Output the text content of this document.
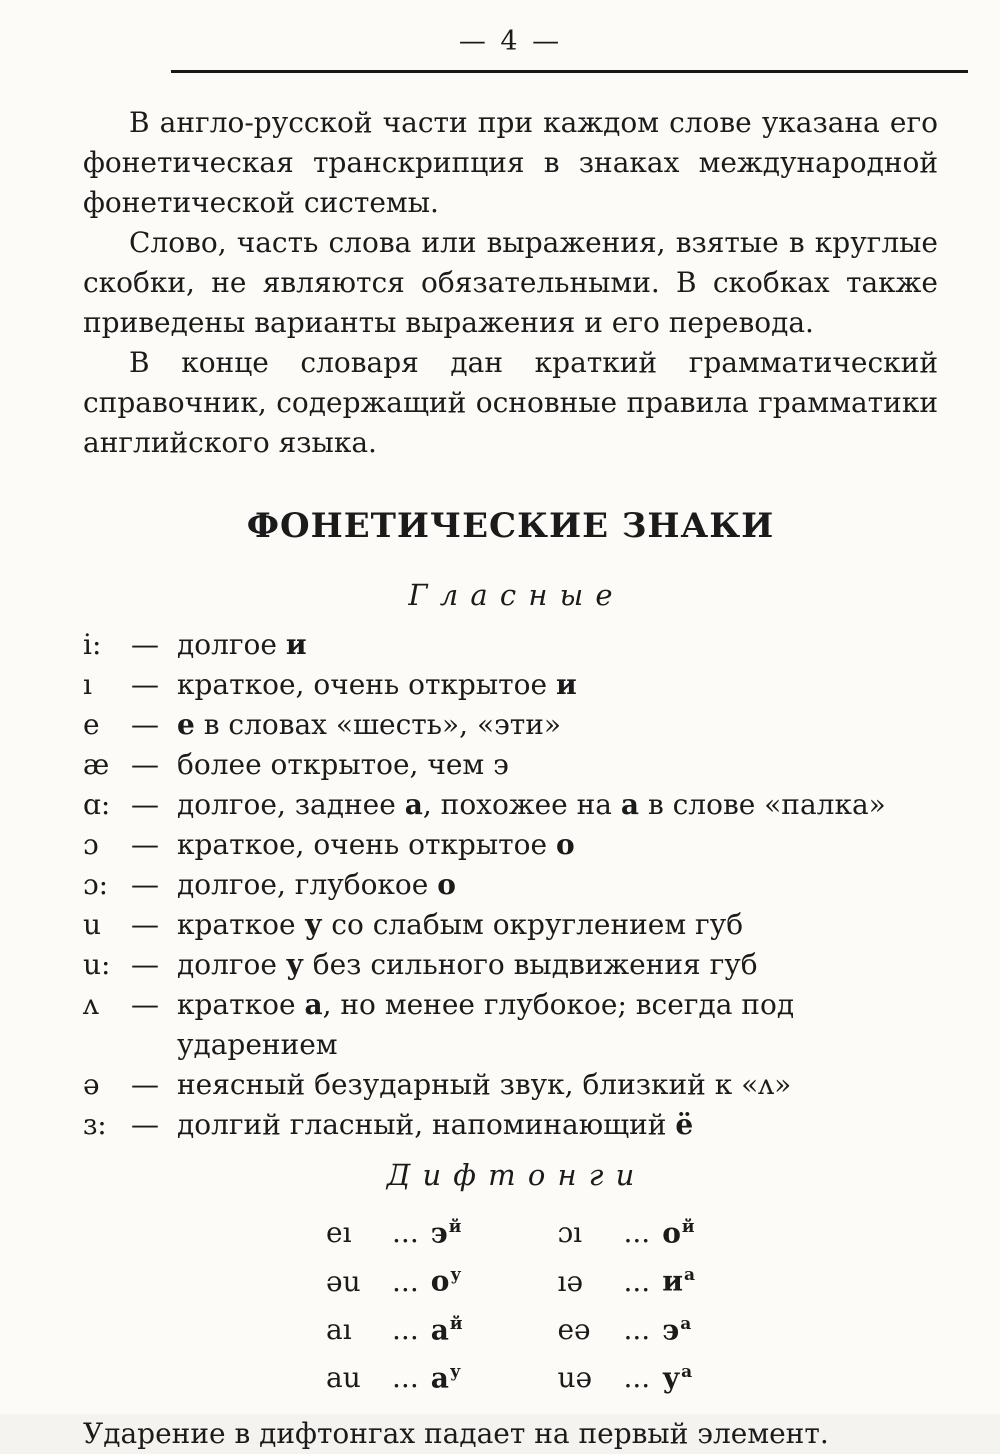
— 4 —

В англо-русской части при каждом слове указана его фонетическая транскрипция в знаках международной фонетической системы.

Слово, часть слова или выражения, взятые в круглые скобки, не являются обязательными. В скобках также приведены варианты выражения и его перевода.

В конце словаря дан краткий грамматический справочник, содержащий основные правила грамматики английского языка.

ФОНЕТИЧЕСКИЕ ЗНАКИ
Гласные
i:	— долгое и
ı	— краткое, очень открытое и
e	— е в словах «шесть», «эти»
æ — более открытое, чем э
ɑ: — долгое, заднее а, похожее на а в слове «палка»
ɔ	— краткое, очень открытое о
ɔ: — долгое, глубокое о
u	— краткое у со слабым округлением губ
u: — долгое у без сильного выдвижения губ
ʌ	— краткое а, но менее глубокое; всегда под ударением
ə	— неясный безударный звук, близкий к «ʌ»
ɜ: — долгий гласный, напоминающий ё
Дифтонги
eı	... $э^й$	ɔı	... $о^й$
əu	... $о^у$	ıə	... $и^а$
aı	... $а^й$	eə	... $э^а$
au	... $а^у$	uə	... $у^а$

Ударение в дифтонгах падает на первый элемент.
